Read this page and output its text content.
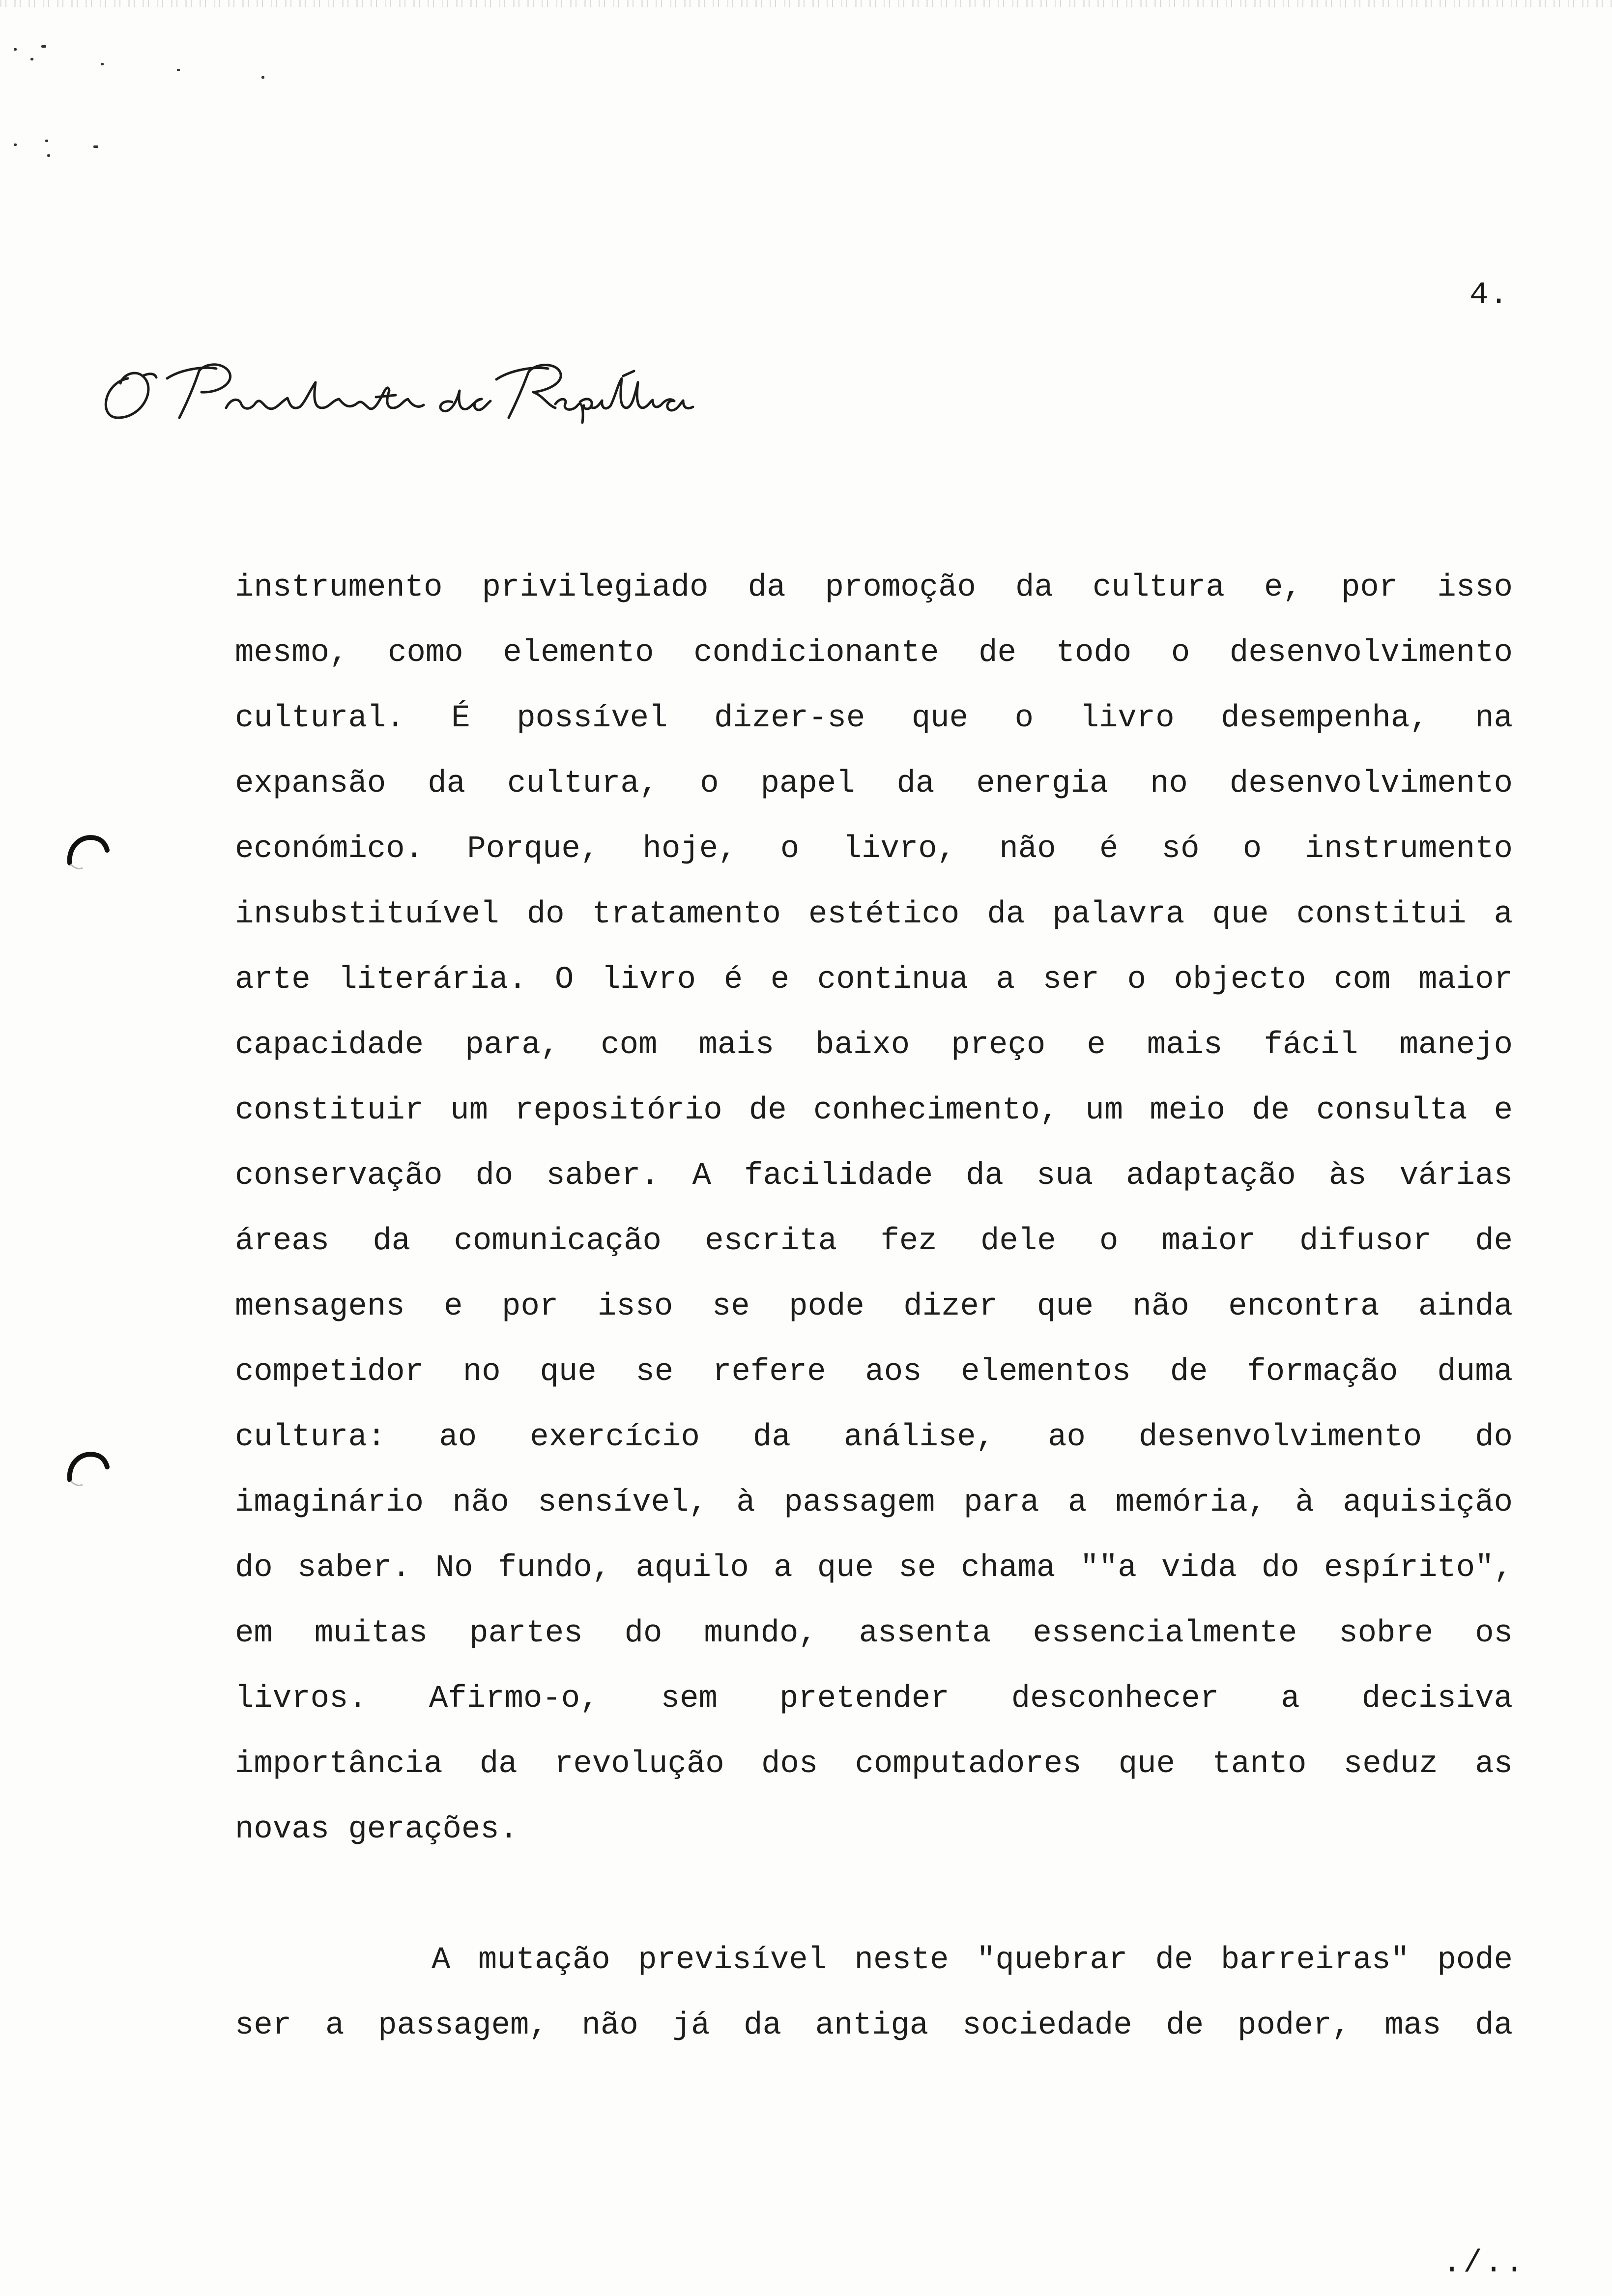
4.
instrumento privilegiado da promoção da cultura e, por isso
mesmo, como elemento condicionante de todo o desenvolvimento
cultural. É possível dizer-se que o livro desempenha, na
expansão da cultura, o papel da energia no desenvolvimento
económico. Porque, hoje, o livro, não é só o instrumento
insubstituível do tratamento estético da palavra que constitui a
arte literária. O livro é e continua a ser o objecto com maior
capacidade para, com mais baixo preço e mais fácil manejo
constituir um repositório de conhecimento, um meio de consulta e
conservação do saber. A facilidade da sua adaptação às várias
áreas da comunicação escrita fez dele o maior difusor de
mensagens e por isso se pode dizer que não encontra ainda
competidor no que se refere aos elementos de formação duma
cultura: ao exercício da análise, ao desenvolvimento do
imaginário não sensível, à passagem para a memória, à aquisição
do saber. No fundo, aquilo a que se chama ""a vida do espírito",
em muitas partes do mundo, assenta essencialmente sobre os
livros. Afirmo-o, sem pretender desconhecer a decisiva
importância da revolução dos computadores que tanto seduz as
novas gerações.
A mutação previsível neste "quebrar de barreiras" pode
ser a passagem, não já da antiga sociedade de poder, mas da
./..
